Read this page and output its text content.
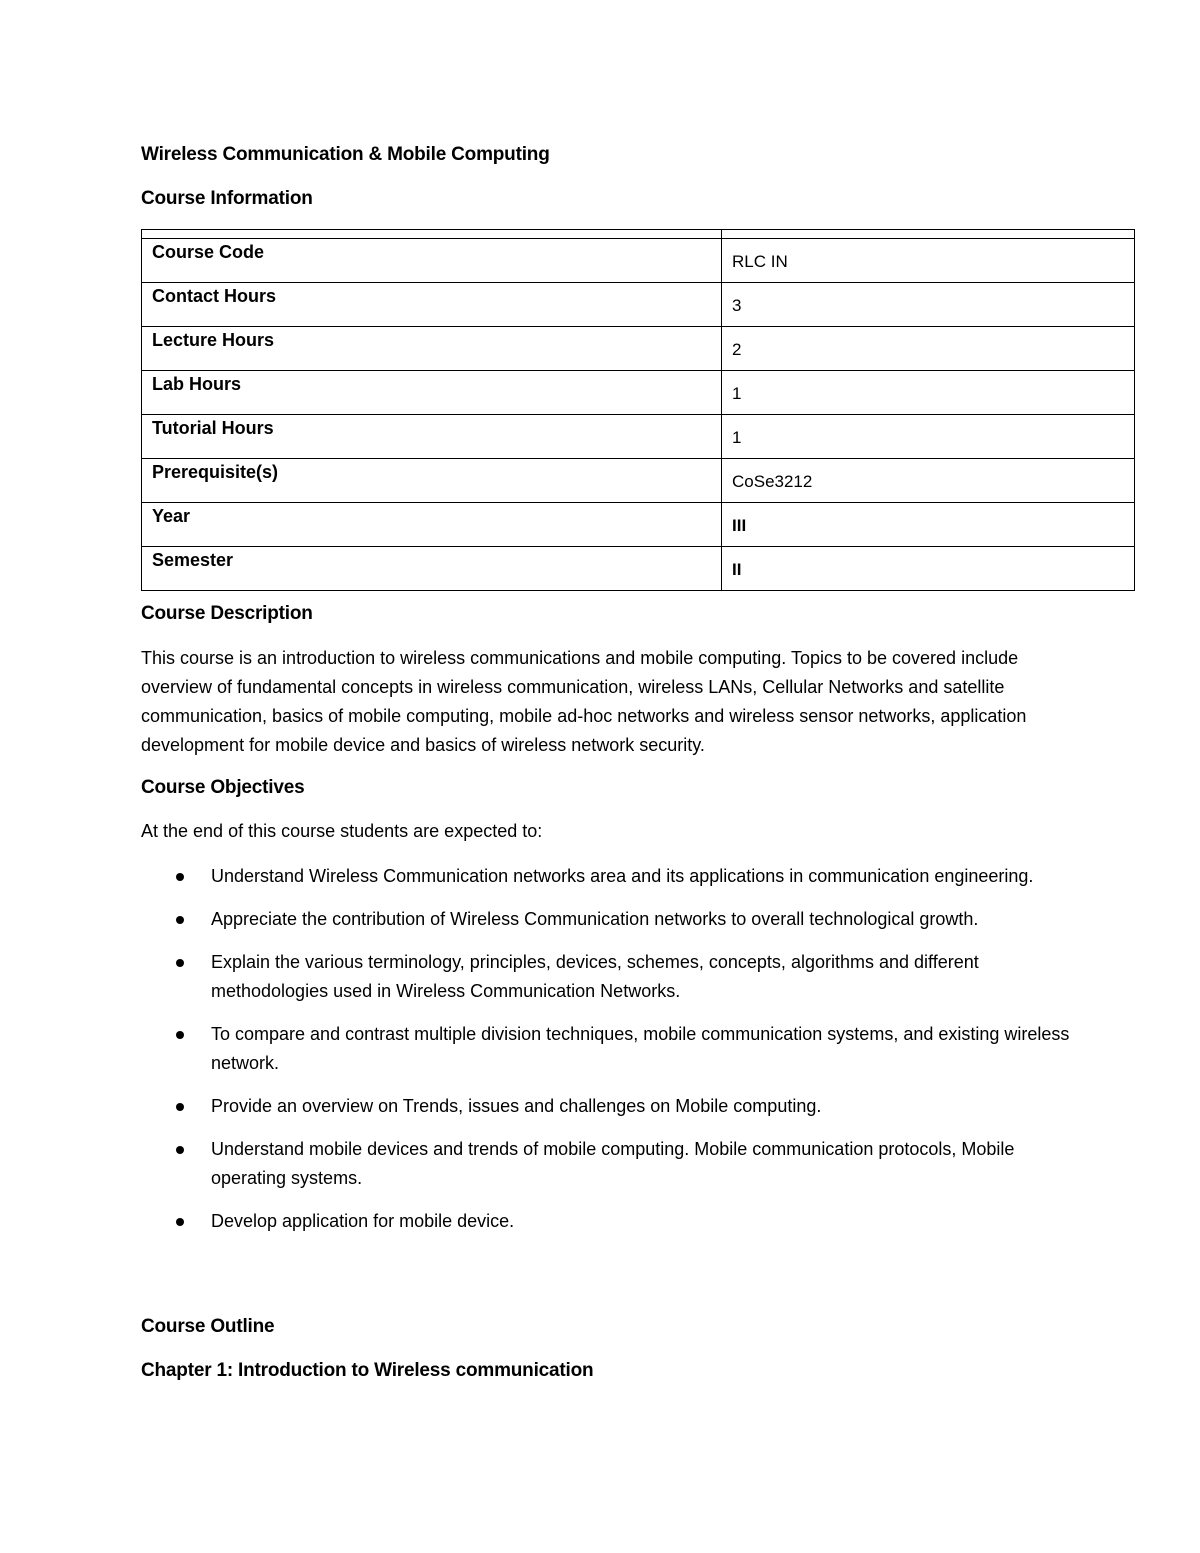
Wireless Communication & Mobile Computing
Course Information

Course Code	RLC IN
Contact Hours	3
Lecture Hours	2
Lab Hours	1
Tutorial Hours	1
Prerequisite(s)	CoSe3212
Year	III
Semester	II
Course Description
This course is an introduction to wireless communications and mobile computing. Topics to be covered include overview of fundamental concepts in wireless communication, wireless LANs, Cellular Networks and satellite communication, basics of mobile computing, mobile ad-hoc networks and wireless sensor networks, application development for mobile device and basics of wireless network security.
Course Objectives
At the end of this course students are expected to:
Understand Wireless Communication networks area and its applications in communication engineering.
Appreciate the contribution of Wireless Communication networks to overall technological growth.
Explain the various terminology, principles, devices, schemes, concepts, algorithms and different methodologies used in Wireless Communication Networks.
To compare and contrast multiple division techniques, mobile communication systems, and existing wireless network.
Provide an overview on Trends, issues and challenges on Mobile computing.
Understand mobile devices and trends of mobile computing. Mobile communication protocols, Mobile operating systems.
Develop application for mobile device.
Course Outline
Chapter 1: Introduction to Wireless communication
